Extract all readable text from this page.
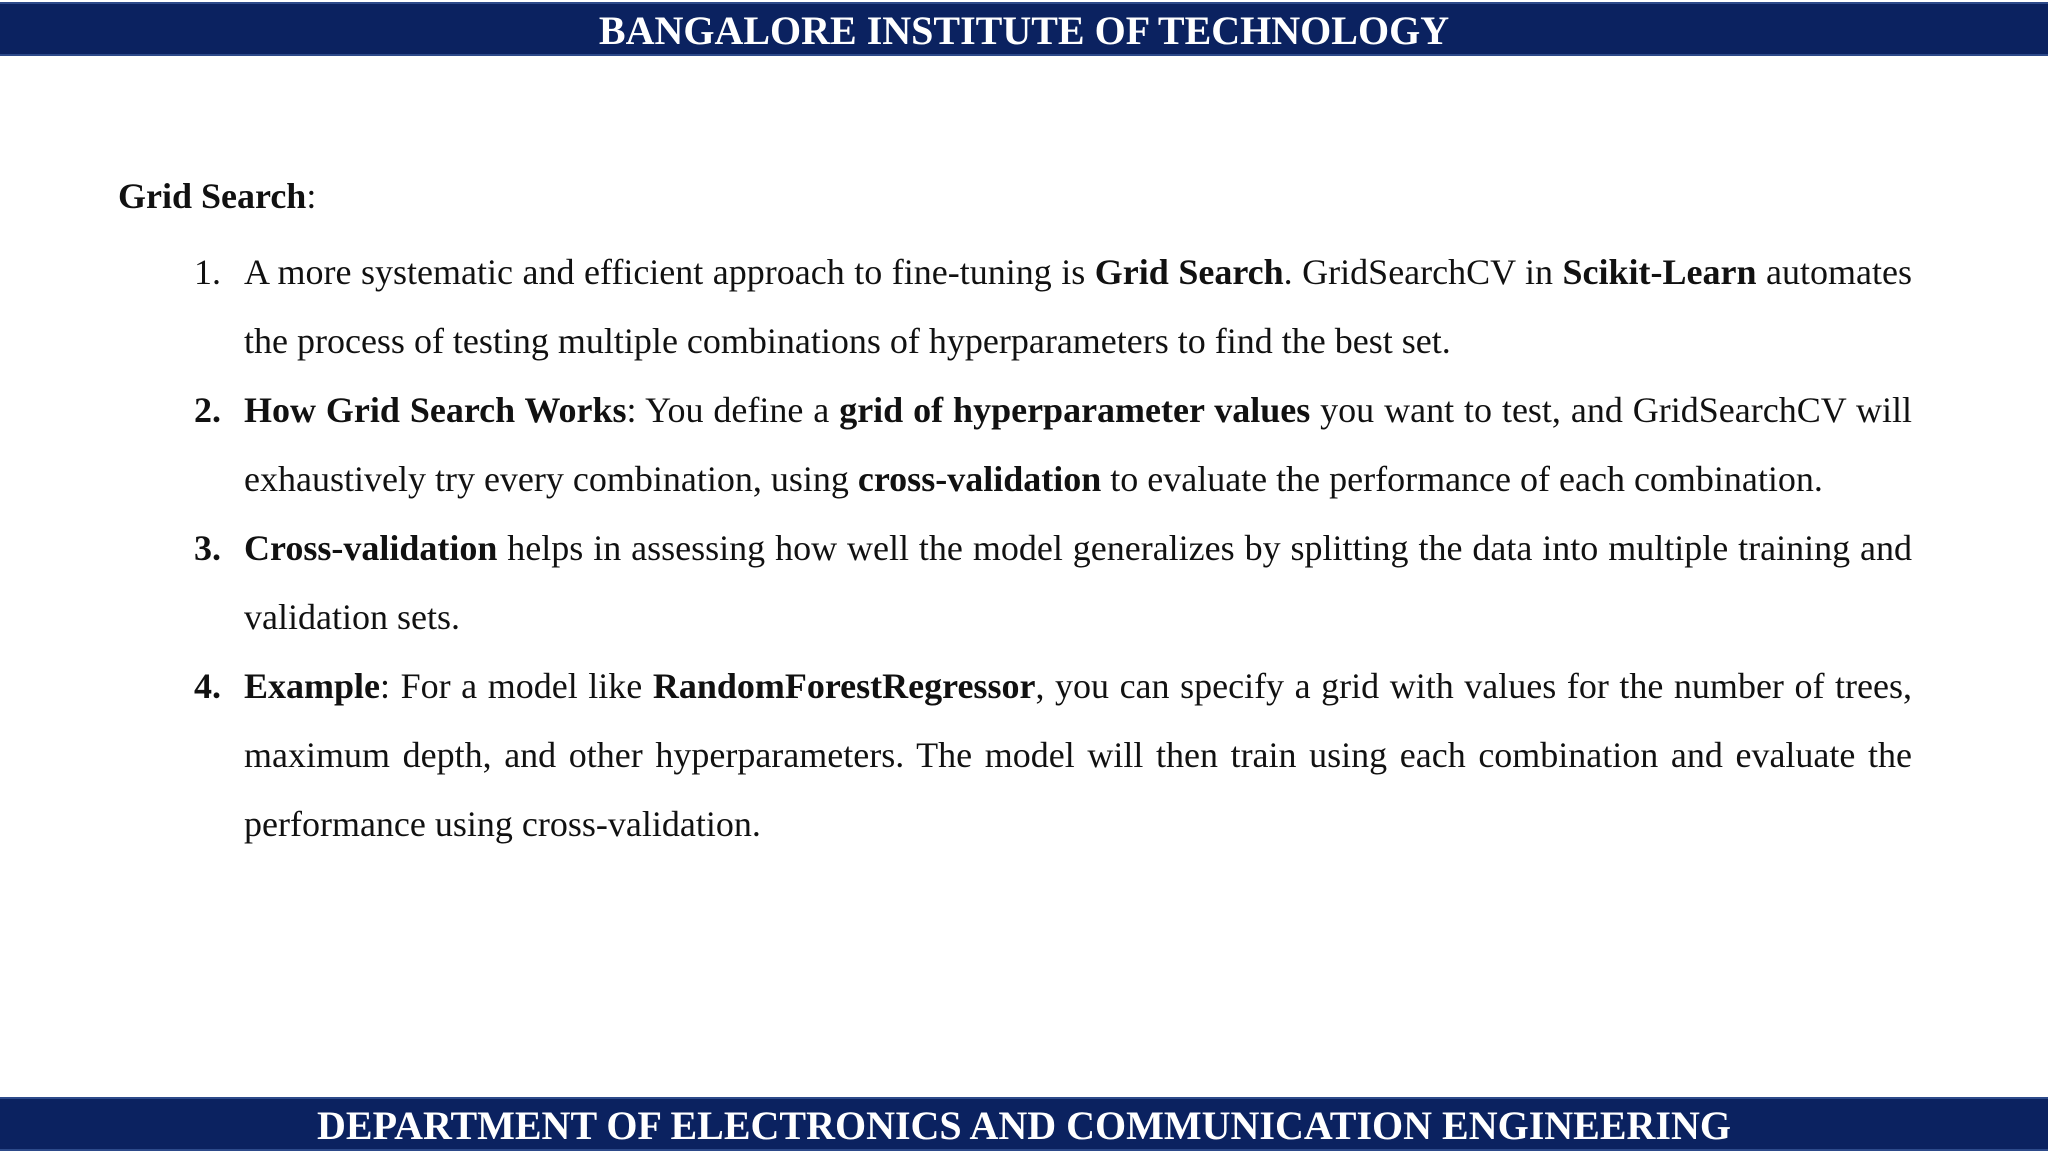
BANGALORE INSTITUTE OF TECHNOLOGY
Grid Search:
1. A more systematic and efficient approach to fine-tuning is Grid Search. GridSearchCV in Scikit-Learn automates the process of testing multiple combinations of hyperparameters to find the best set.
2. How Grid Search Works: You define a grid of hyperparameter values you want to test, and GridSearchCV will exhaustively try every combination, using cross-validation to evaluate the performance of each combination.
3. Cross-validation helps in assessing how well the model generalizes by splitting the data into multiple training and validation sets.
4. Example: For a model like RandomForestRegressor, you can specify a grid with values for the number of trees, maximum depth, and other hyperparameters. The model will then train using each combination and evaluate the performance using cross-validation.
DEPARTMENT OF ELECTRONICS AND COMMUNICATION ENGINEERING
